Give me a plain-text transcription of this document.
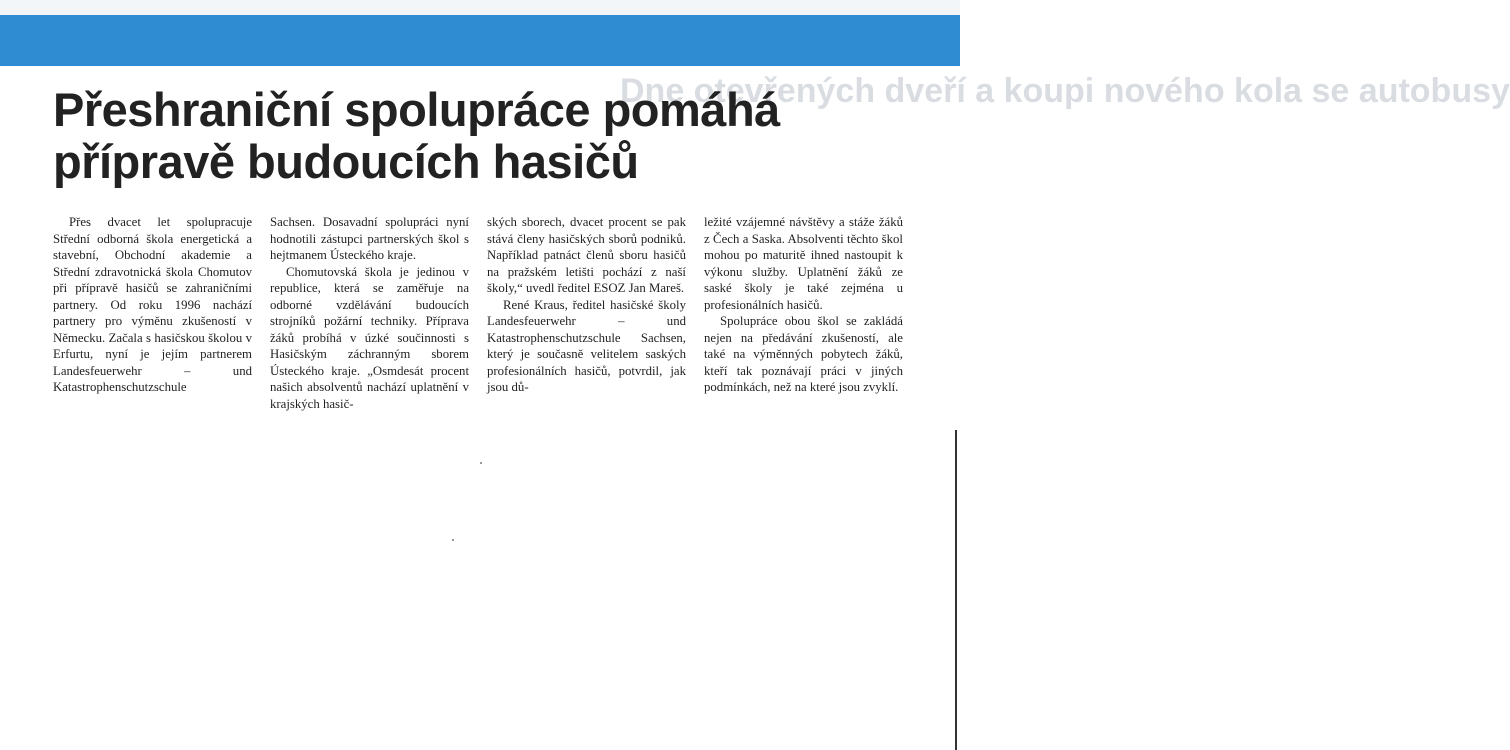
Dne otevřených dveří a koupi nového kola se autobusy
Přeshraniční spolupráce pomáhá přípravě budoucích hasičů

Přes dvacet let spolupracuje Střední odborná škola energetická a stavební, Obchodní akademie a Střední zdravotnická škola Chomutov při přípravě hasičů se zahraničními partnery. Od roku 1996 nachází partnery pro výměnu zkušeností v Německu. Začala s hasičskou školou v Erfurtu, nyní je jejím partnerem Landesfeuerwehr – und Katastrophenschutzschule

Sachsen. Dosavadní spolupráci nyní hodnotili zástupci partnerských škol s hejtmanem Ústeckého kraje.

Chomutovská škola je jedinou v republice, která se zaměřuje na odborné vzdělávání budoucích strojníků požární techniky. Příprava žáků probíhá v úzké součinnosti s Hasičským záchranným sborem Ústeckého kraje. „Osmdesát procent našich absolventů nachází uplatnění v krajských hasič-

ských sborech, dvacet procent se pak stává členy hasičských sborů podniků. Například patnáct členů sboru hasičů na pražském letišti pochází z naší školy,“ uvedl ředitel ESOZ Jan Mareš.

René Kraus, ředitel hasičské školy Landesfeuerwehr – und Katastrophenschutzschule Sachsen, který je současně velitelem saských profesionálních hasičů, potvrdil, jak jsou dů-

ležité vzájemné návštěvy a stáže žáků z Čech a Saska. Absolventi těchto škol mohou po maturitě ihned nastoupit k výkonu služby. Uplatnění žáků ze saské školy je také zejména u profesionálních hasičů.

Spolupráce obou škol se zakládá nejen na předávání zkušeností, ale také na výměnných pobytech žáků, kteří tak poznávají práci v jiných podmínkách, než na které jsou zvyklí.
